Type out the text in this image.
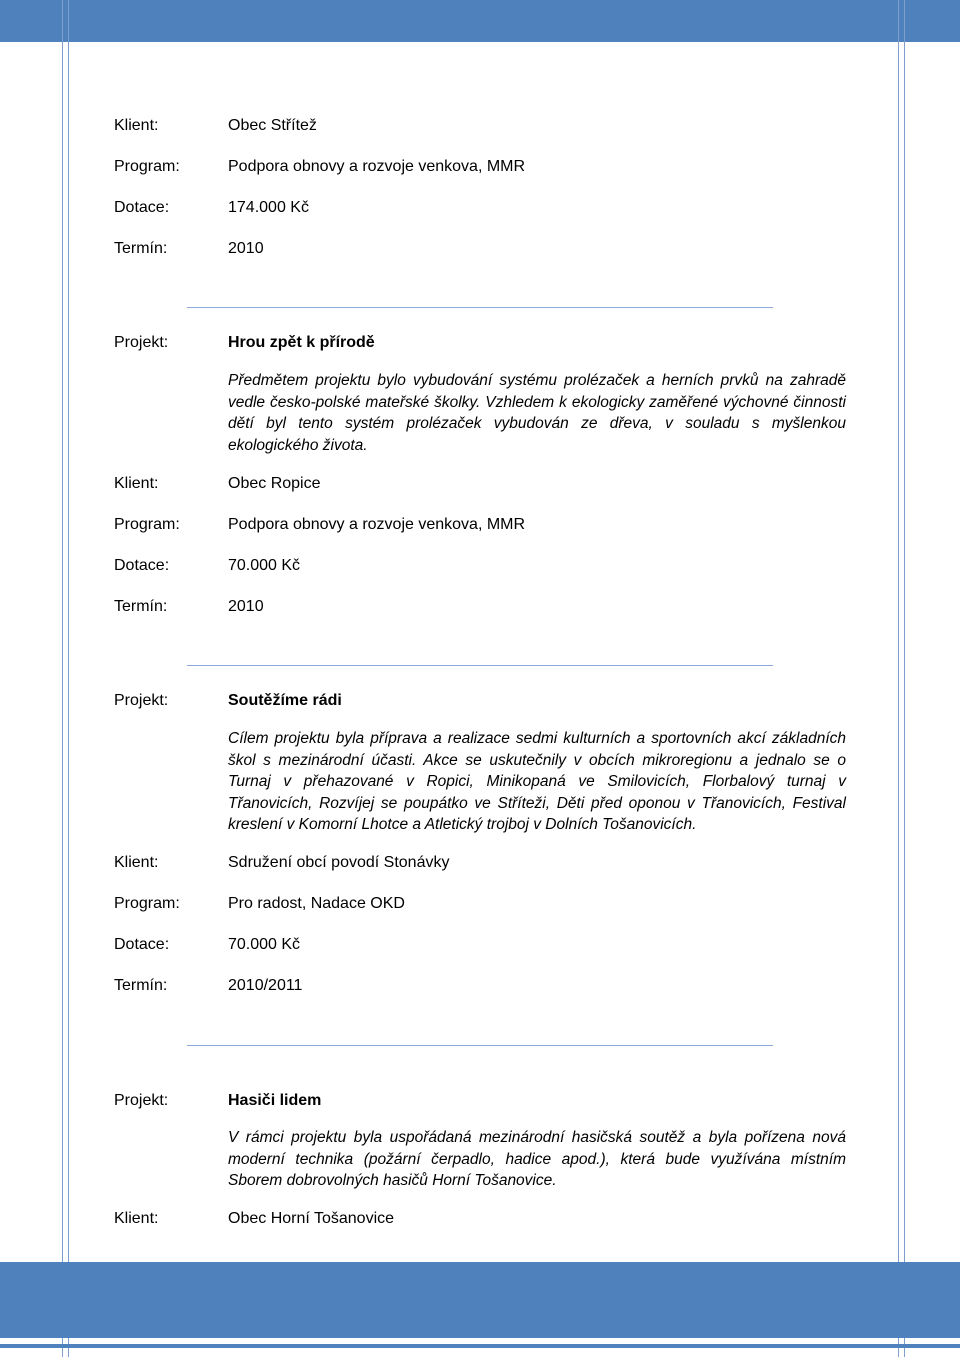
Klient:	Obec Střítež
Program:	Podpora obnovy a rozvoje venkova, MMR
Dotace:	174.000 Kč
Termín:	2010
Projekt:	Hrou zpět k přírodě
Předmětem projektu bylo vybudování systému prolézaček a herních prvků na zahradě vedle česko-polské mateřské školky. Vzhledem k ekologicky zaměřené výchovné činnosti dětí byl tento systém prolézaček vybudován ze dřeva, v souladu s myšlenkou ekologického života.
Klient:	Obec Ropice
Program:	Podpora obnovy a rozvoje venkova, MMR
Dotace:	70.000 Kč
Termín:	2010
Projekt:	Soutěžíme rádi
Cílem projektu byla příprava a realizace sedmi kulturních a sportovních akcí základních škol s mezinárodní účasti. Akce se uskutečnily v obcích mikroregionu a jednalo se o Turnaj v přehazované v Ropici, Minikopaná ve Smilovicích, Florbalový turnaj v Třanovicích, Rozvíjej se poupátko ve Stříteži, Děti před oponou v Třanovicích, Festival kreslení v Komorní Lhotce a Atletický trojboj v Dolních Tošanovicích.
Klient:	Sdružení obcí povodí Stonávky
Program:	Pro radost, Nadace OKD
Dotace:	70.000 Kč
Termín:	2010/2011
Projekt:	Hasiči lidem
V rámci projektu byla uspořádaná mezinárodní hasičská soutěž a byla pořízena nová moderní technika (požární čerpadlo, hadice apod.), která bude využívána místním Sborem dobrovolných hasičů Horní Tošanovice.
Klient:	Obec Horní Tošanovice
